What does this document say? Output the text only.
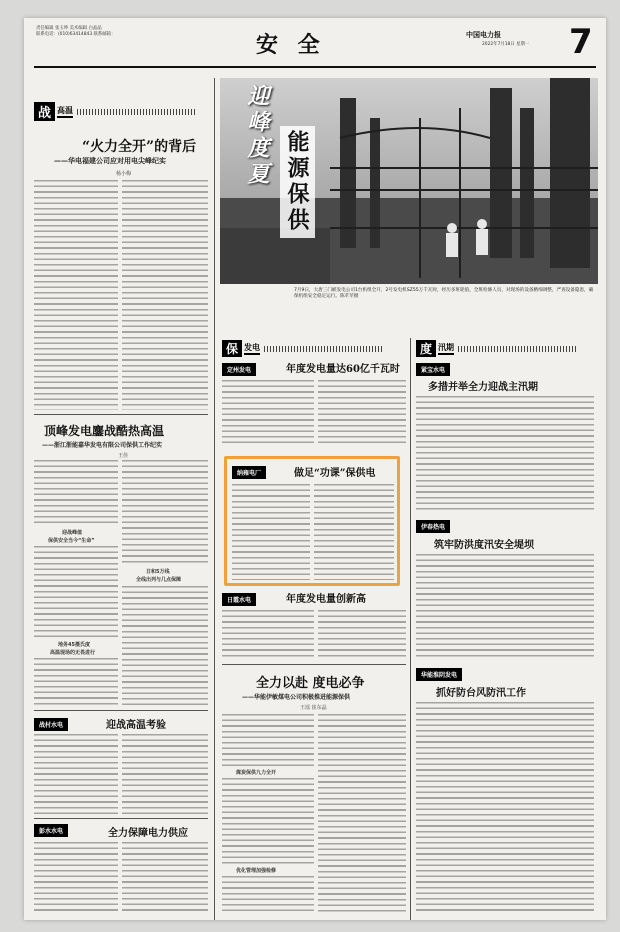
责任编辑 张玉坤 美术编辑 白晶晶
联系电话：(010)63414843 联系邮箱：	安 全	中国电力报
2022年7月18日 星期一 7
战 高温
“火力全开”的背后
——华电福建公司应对用电尖峰纪实
杨小梅
顶峰发电鏖战酷热高温
——浙江浙能嘉华发电有限公司保供工作纪实
王佳
迎战峰值
保供安全当今“生命”
地务45摄氏度
高温现场的无畏进行
日和5万线
全线出列与几点保障
战村水电	迎战高温考验
彭水水电	全力保障电力供应
迎峰度夏 能源保供
7月9日，大唐三门峡发电公司1台机组全开，2号发电机SZ55万千瓦时，经历多班轮值，全班检修人员，对现场的设备精细调整，严查设备隐患，确保机组安全稳定运行。陈苹苹摄
保 发电
定州发电	年度发电量达60亿千瓦时
纳雍电厂	做足“功课”保供电
日霞水电	年度发电量创新高
全力以赴 度电必争
——华能伊敏煤电公司积极推进能源保供
王瑶 崔东晶
煤炭保供九力全开
优化管理加强检修
度 汛期
紧宝水电
多措并举全力迎战主汛期
伊春热电
筑牢防洪度汛安全堤坝
华能淮阴发电
抓好防台风防汛工作
